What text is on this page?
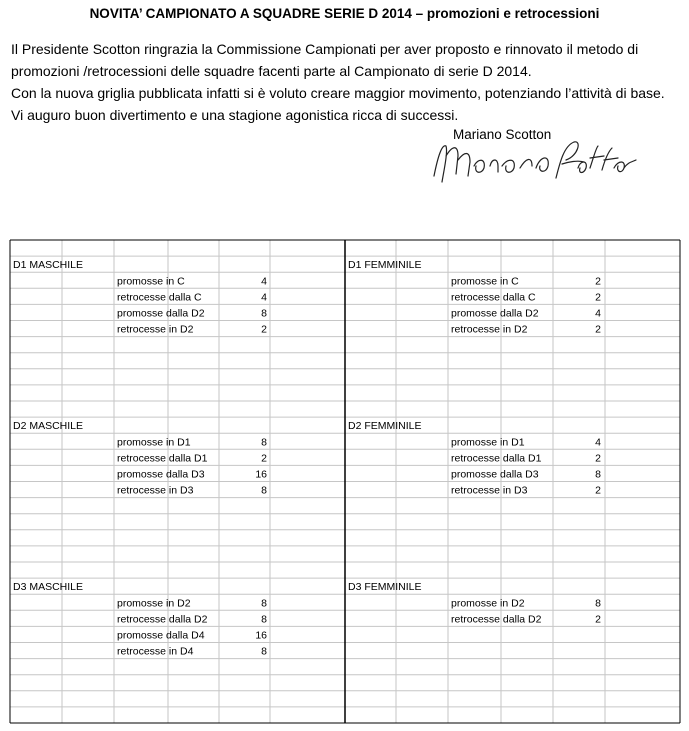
NOVITA’ CAMPIONATO A SQUADRE SERIE D 2014 – promozioni e retrocessioni
Il Presidente Scotton ringrazia la Commissione Campionati per aver proposto e rinnovato il metodo di
promozioni /retrocessioni delle squadre facenti parte al Campionato di serie D 2014.
Con la nuova griglia pubblicata infatti si è voluto creare maggior movimento, potenziando l’attività di base.
Vi auguro buon divertimento e una stagione agonistica ricca di successi.
Mariano Scotton
D1 MASCHILE
promosse in C	4
retrocesse dalla C	4
promosse dalla D2	8
retrocesse in D2	2
D1 FEMMINILE
promosse in C	2
retrocesse dalla C	2
promosse dalla D2	4
retrocesse in D2	2
D2 MASCHILE
promosse in D1	8
retrocesse dalla D1	2
promosse dalla D3	16
retrocesse in D3	8
D2 FEMMINILE
promosse in D1	4
retrocesse dalla D1	2
promosse dalla D3	8
retrocesse in D3	2
D3 MASCHILE
promosse in D2	8
retrocesse dalla D2	8
promosse dalla D4	16
retrocesse in D4	8
D3 FEMMINILE
promosse in D2	8
retrocesse dalla D2	2
